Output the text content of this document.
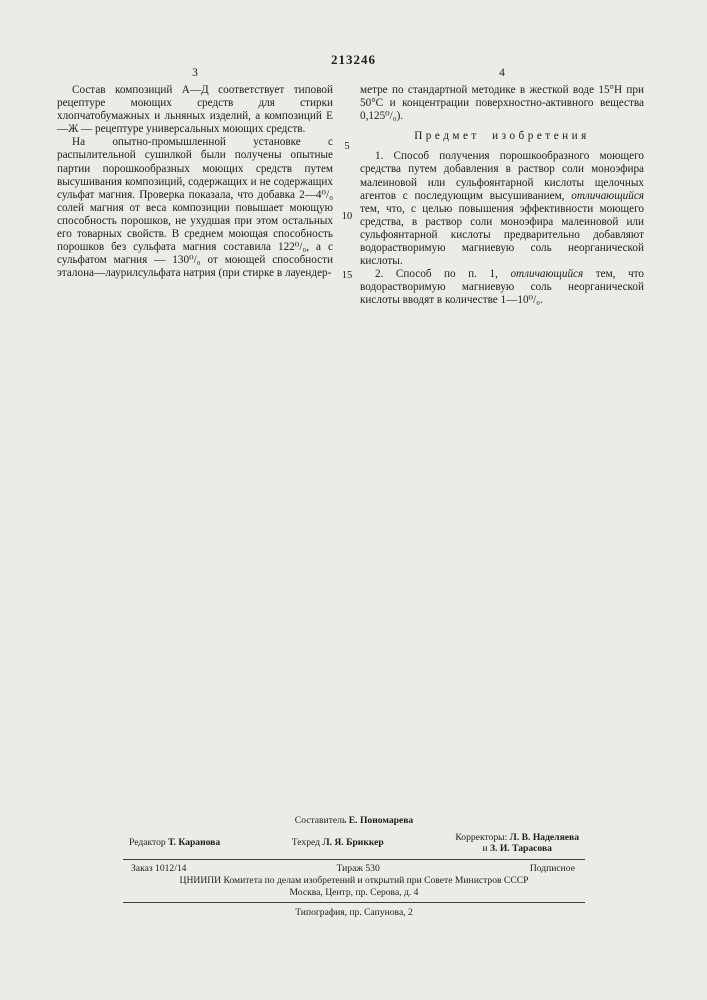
213246
3	4
5
10
15

Состав композиций А—Д соответствует типовой рецептуре моющих средств для стирки хлопчатобумажных и льняных изделий, а композиций Е—Ж — рецептуре универсальных моющих средств.

На опытно-промышленной установке с распылительной сушилкой были получены опытные партии порошкообразных моющих средств путем высушивания композиций, содержащих и не содержащих сульфат магния. Проверка показала, что добавка 2—4⁰/₀ солей магния от веса композиции повышает моющую способность порошков, не ухудшая при этом остальных его товарных свойств. В среднем моющая способность порошков без сульфата магния составила 122⁰/₀, а с сульфатом магния — 130⁰/₀ от моющей способности эталона—лаурилсульфата натрия (при стирке в лауендер-

метре по стандартной методике в жесткой воде 15°Н при 50°С и концентрации поверхностно-активного вещества 0,125⁰/₀).

Предмет изобретения

1. Способ получения порошкообразного моющего средства путем добавления в раствор соли моноэфира малеиновой или сульфоянтарной кислоты щелочных агентов с последующим высушиванием, отличающийся тем, что, с целью повышения эффективности моющего средства, в раствор соли моноэфира малеиновой или сульфоянтарной кислоты предварительно добавляют водорастворимую магниевую соль неорганической кислоты.

2. Способ по п. 1, отличающийся тем, что водорастворимую магниевую соль неорганической кислоты вводят в количестве 1—10⁰/₀.

Составитель Е. Пономарева
Редактор Т. Каранова	Техред Л. Я. Бриккер
Корректоры: Л. В. Наделяева
и З. И. Тарасова
Заказ 1012/14	Тираж 530	Подписное
ЦНИИПИ Комитета по делам изобретений и открытий при Совете Министров СССР
Москва, Центр, пр. Серова, д. 4
Типография, пр. Сапунова, 2
